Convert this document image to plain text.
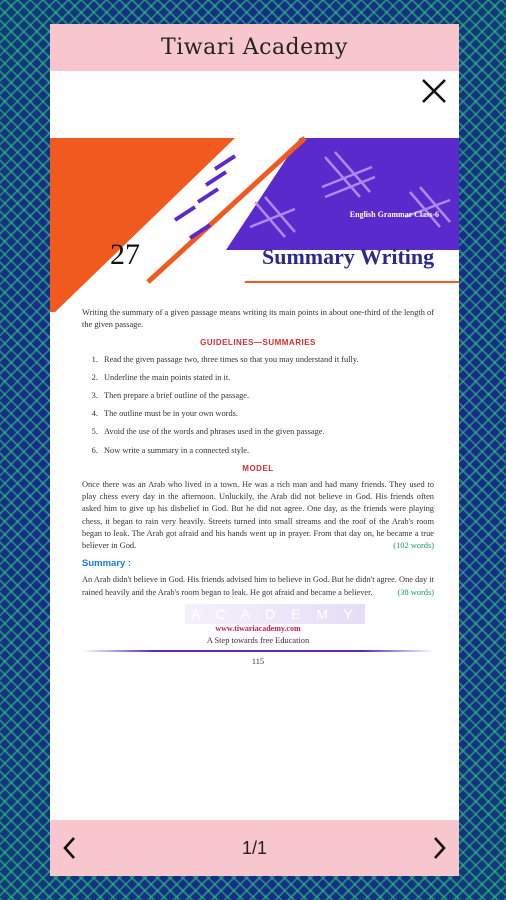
Tiwari Academy
English Grammar Class-6
27	Summary Writing

Writing the summary of a given passage means writing its main points in about one-third of the length of the given passage.

GUIDELINES—SUMMARIES
1. Read the given passage two, three times so that you may understand it fully.
2. Underline the main points stated in it.
3. Then prepare a brief outline of the passage.
4. The outline must be in your own words.
5. Avoid the use of the words and phrases used in the given passage.
6. Now write a summary in a connected style.
MODEL

Once there was an Arab who lived in a town. He was a rich man and had many friends. They used to play chess every day in the afternoon. Unluckily, the Arab did not believe in God. His friends often asked him to give up his disbelief in God. But he did not agree. One day, as the friends were playing chess, it began to rain very heavily. Streets turned into small streams and the roof of the Arab's room began to leak. The Arab got afraid and his hands went up in prayer. From that day on, he became a true believer in God.	(102 words)

Summary :

An Arab didn't believe in God. His friends advised him to believe in God. But he didn't agree. One day it rained heavily and the Arab's room began to leak. He got afraid and became a believer.	(38 words)

www.tiwariacademy.com
A Step towards free Education
115
A C A D E M Y
1/1
